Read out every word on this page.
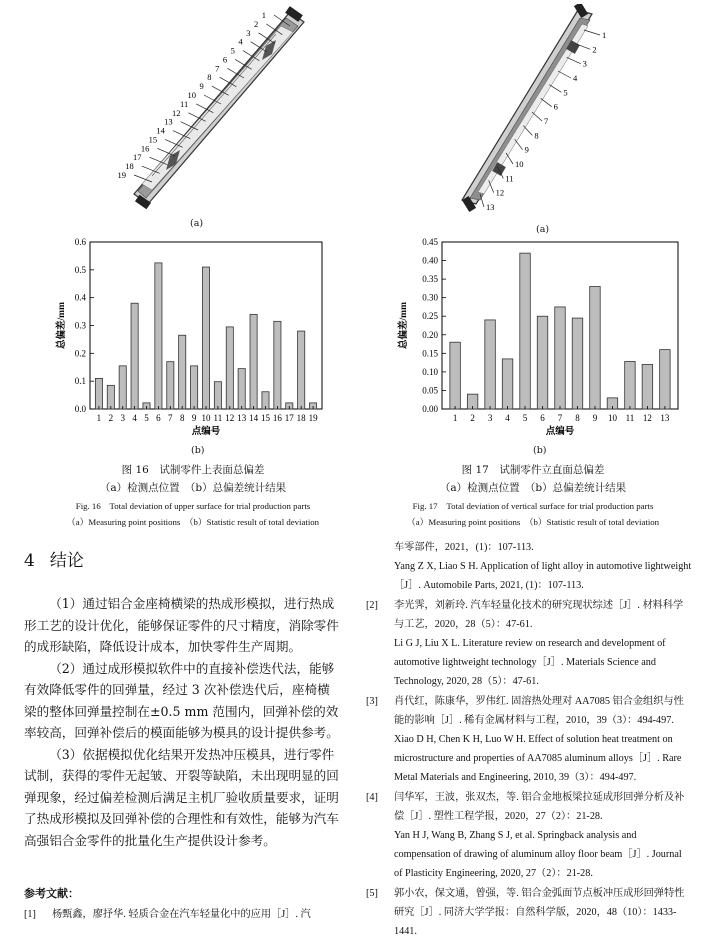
1
2
3
4
5
6
7
8
9
10
11
12
13
14
15
16
17
18
19
(a)
1
2
3
4
5
6
7
8
9
10
11
12
13
(a)
0.0
0.1
0.2
0.3
0.4
0.5
0.6
1 2 3 4 5 6 7 8 9 10 11 12 13 14 15 16 17 18 19
点编号
总偏差/mm
(b)
0.00
0.05
0.10
0.15
0.20
0.25
0.30
0.35
0.40
0.45
1 2 3 4 5 6 7 8 9 10 11 12 13
点编号
总偏差/mm
(b)
图 16　试制零件上表面总偏差
（a）检测点位置　（b）总偏差统计结果
Fig. 16　Total deviation of upper surface for trial production parts
（a）Measuring point positions　（b）Statistic result of total deviation
图 17　试制零件立直面总偏差
（a）检测点位置　（b）总偏差统计结果
Fig. 17　Total deviation of vertical surface for trial production parts
（a）Measuring point positions　（b）Statistic result of total deviation
4 结论

（1）通过铝合金座椅横梁的热成形模拟，进行热成形工艺的设计优化，能够保证零件的尺寸精度，消除零件的成形缺陷，降低设计成本，加快零件生产周期。

（2）通过成形模拟软件中的直接补偿迭代法，能够有效降低零件的回弹量，经过 3 次补偿迭代后，座椅横梁的整体回弹量控制在±0.5 mm 范围内，回弹补偿的效率较高，回弹补偿后的模面能够为模具的设计提供参考。

（3）依据模拟优化结果开发热冲压模具，进行零件试制，获得的零件无起皱、开裂等缺陷，未出现明显的回弹现象，经过偏差检测后满足主机厂验收质量要求，证明了热成形模拟及回弹补偿的合理性和有效性，能够为汽车高强铝合金零件的批量化生产提供设计参考。

参考文献：
[1] 杨甄鑫，廖抒华. 轻质合金在汽车轻量化中的应用［J］. 汽
车零部件，2021，(1)：107-113.
Yang Z X, Liao S H. Application of light alloy in automotive lightweight［J］. Automobile Parts, 2021, (1)：107-113.
[2] 李光霁，刘新玲. 汽车轻量化技术的研究现状综述［J］. 材料科学与工艺，2020，28（5）：47-61.
Li G J, Liu X L. Literature review on research and development of automotive lightweight technology［J］. Materials Science and Technology, 2020, 28（5）：47-61.
[3] 肖代红，陈康华，罗伟红. 固溶热处理对 AA7085 铝合金组织与性能的影响［J］. 稀有金属材料与工程，2010，39（3）：494-497.
Xiao D H, Chen K H, Luo W H. Effect of solution heat treatment on microstructure and properties of AA7085 aluminum alloys［J］. Rare Metal Materials and Engineering, 2010, 39（3）：494-497.
[4] 闫华军，王波，张双杰，等. 铝合金地板梁拉延成形回弹分析及补偿［J］. 塑性工程学报，2020，27（2）：21-28.
Yan H J, Wang B, Zhang S J, et al. Springback analysis and compensation of drawing of aluminum alloy floor beam［J］. Journal of Plasticity Engineering, 2020, 27（2）：21-28.
[5] 郭小农，保文通，曾强，等. 铝合金弧面节点板冲压成形回弹特性研究［J］. 同济大学学报：自然科学版，2020，48（10）：1433-1441.
